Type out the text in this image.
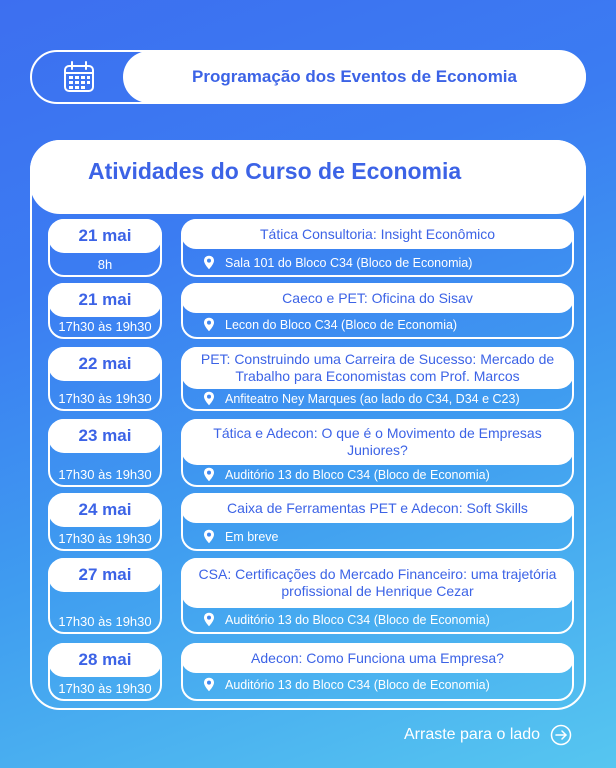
Programação dos Eventos de Economia
Atividades do Curso de Economia
21 mai
8h
Tática Consultoria: Insight Econômico
Sala 101 do Bloco C34 (Bloco de Economia)
21 mai
17h30 às 19h30
Caeco e PET: Oficina do Sisav
Lecon do Bloco C34 (Bloco de Economia)
22 mai
17h30 às 19h30
PET: Construindo uma Carreira de Sucesso: Mercado de Trabalho para Economistas com Prof. Marcos
Anfiteatro Ney Marques (ao lado do C34, D34 e C23)
23 mai
17h30 às 19h30
Tática e Adecon: O que é o Movimento de Empresas Juniores?
Auditório 13 do Bloco C34 (Bloco de Economia)
24 mai
17h30 às 19h30
Caixa de Ferramentas PET e Adecon: Soft Skills
Em breve
27 mai
17h30 às 19h30
CSA: Certificações do Mercado Financeiro: uma trajetória profissional de Henrique Cezar
Auditório 13 do Bloco C34 (Bloco de Economia)
28 mai
17h30 às 19h30
Adecon: Como Funciona uma Empresa?
Auditório 13 do Bloco C34 (Bloco de Economia)
Arraste para o lado
